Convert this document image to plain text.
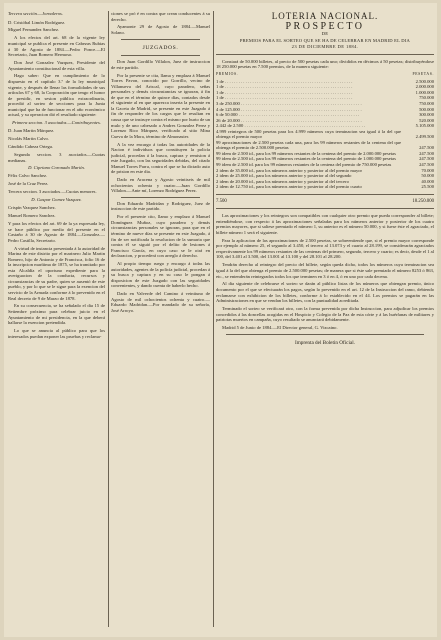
Tercera sección.—Jornaleros.

D. Cristóbal Limón Rodríguez.

Miguel Fernandez Sanchez.

A los efectos del art. 68 de la vigente ley municipal se publica el presente en Cabezas Rubias á 30 de Agosto de 1884.—Pedro Ponce.—El Secretario, Juan Romero Hermoso.

Don José Gonzalez Vazquez, Presidente del Ayuntamiento constitucional de esta villa.

Hago saber: Que en cumplimiento de lo dispuesto en el capítulo 3.º de la ley municipal vigente, y después de llenar las formalidades de sus artículos 67 y 68, la Corporación que tengo el honor de presidir, en sesion pública extraordinaria, procedió al sorteo de secciones para la Junta municipal que ha de funcionar en el año económico actual, y su operacion dió el resultado siguiente:

Primera seccion. 3 asociados.—Contribuyentes.

D. Juan Martin Márquez.

Nicolás Martin Calvo.

Cándido Cabeza Ortega.

Segunda seccion. 3 asociados.—Cuotas medianas.

D. Cipriano Coronado Martín.

Félix Calvo Sanchez.

José de la Cruz Perez.

Tercera seccion. 3 asociados.—Cuotas menores.

D. Gaspar Gomez Vazquez.

Crispín Vazquez Sanchez.

Manuel Romero Sanchez.

Y para los efectos del art. 69 de la ya expresada ley, se hace público por medio del presente en el Castaño á 30 de Agosto de 1884.—Gonzalez.—Pedro Castilla, Secretario.

A virtud de instancia presentada á la autoridad de Marina de este distrito por el marinero Julio Martin Romero, hijo de Antonio y de Francisca, folio 16 de la inscripcion marítima de 1875, se ha tramitado por esta Alcaldía el oportuno expediente para la averiguacion de la conducta, recursos y circunstancias de su padre, quien se ausentó de este pueblo, y por lo que se le sigue para la exencion del servicio de la Armada conforme á lo prevenido en el Real decreto de 9 de Marzo de 1878.

En su consecuencia, se ha señalado el dia 15 de Setiembre próximo para celebrar juicio en el Ayuntamiento de mi presidencia, en la que deberá hallarse la exencion pretendida.

Lo que se anuncia al público para que los interesados puedan exponer las pruebas y reclama-

ciones se pró é en contra que crean conducentes á su derecho.

Ayamonte 29 de Agosto de 1884.—Manuel Solano.

JUZGADOS.

Don Juan Gordillo Villalon, Juez de instruccion de este partido.

Por la presente se cita, llama y emplaza á Manuel Torres Pavon, conocido por Gorrillo, vecino de Villanueva del Ariscal, cuyo paradero, señas personales y demás circunstancias se ignoran, á fin de que en el término de quince días, contados desde el siguiente al en que aparezca inserta la presente en la Gaceta de Madrid, se presente en este Juzgado á fin de responder de los cargos que le resultan en causa que se instruye contra el mismo por hurto de un mulo y de uno cabesado a Andres Gonzalez Perez y Lorenzo Rico Márquez, verificado al sitio Mina Cueva de la Mora, término de Almonaster.

A la vez encargo á todas las autoridades de la Nacion é individuos que constituyen la policía judicial, procedan á la busca, captura y remision á este Juzgado, con las seguridades debidas, del citado Manuel Torres Parra, contra el que se ha dictado auto de prision en este dia.

Dado en Aracena y Agosto veintiseis de mil ochocientos ochenta y cuatro.—Juan Gordillo Villalon.—Ante mí, Lorenzo Rodríguez Perez.

Don Eduardo Madridan y Rodriguez, Juez de instruccion de este partido.

Por el presente cito, llamo y emplazo á Manuel Domínguez Muñoz, cuyo paradero y demás circunstancias personales se ignoran, para que en el término de nueve días se presente en este Juzgado, á fin de ser notificada la resolucion de la sumaria que contra él se siguió por el delito de lesiones á Francisco García, en cuyo caso se le oirá en declaracion, y procederá con arreglo á derecho.

Al propio tiempo ruego y encargo á todas las autoridades, agentes de la policía judicial, procedan á su busca y captura y en su caso le pongan á disposicion de este Juzgado con las seguridades convenientes, y dando cuenta de haberlo hecho.

Dado en Valverde del Camino á veintiuno de Agosto de mil ochocientos ochenta y cuatro.—Eduardo Madridan.—Por mandado de su señoría, José Arroyo.

LOTERIA NACIONAL.
PROSPECTO
DE
PREMIOS PARA EL SORTEO QUE SE HA DE CELEBRAR EN MADRID EL DIA
23 DE DICIEMBRE DE 1884.

Constará de 50.000 billetes, al precio de 500 pesetas cada uno; divididos en décimos á 50 pesetas; distribuyéndose 18 250.000 pesetas en 7.500 premios, de la manera siguiente:

PREMIOS.	PESETAS.
1 de . . . . . .	2.500.000
1 de . . . . . .	2.000.000
1 de . . . . . .	1.000.000
1 de . . . . . .	750.000
3 de 250.000 . . .	750.000
4 de 125.000 . . .	500.000
6 de 50.000 . . .	300.000
26 de 20.000 . . .	520.000
2.442 de 2.500 . . .	5.105.000
4.999 reintegros de 500 pesetas para los 4.999 números cuya terminacion sea igual á la del que obtenga el premio mayor	2.499.500
99 aproximaciones de 2.500 pesetas cada una, para los 99 números restantes de la centena del que obtenga el premio de 2.500.000 pesetas	247.500
99 idem de 2.500 id., para los 99 números restantes de la centena del premio de 2.000.000 pesetas	247.500
99 idem de 2.500 id., para los 99 números restantes de la centena del premio de 1.000.000 pesetas	247.500
99 idem de 2.500 id. para los 99 números restantes de la centena del premio de 750.000 pesetas	247.500
2 idem de 35.000 id., para los números anterior y posterior al del premio mayor	70.000
2 idem de 25.000 id., para los números anterior y posterior al del segundo	50.000
2 idem de 20.000 id., para los números anterior y posterior al del tercero	40.000
2 idem de 12.750 id., para los números anterior y posterior al del premio cuarto	25.500
7.500	18.250.000

Las aproximaciones y los reintegros son compatibles con cualquier otro premio que pueda corresponder al billete; entendiéndose, con respecto á las aproximaciones señaladas para los números anterior y posterior de los cuatro premios mayores, que si saliese premiado el número 1, su anterior es el número 50.000, y si fuese éste el agraciado, el billete número 1 será el siguiente.

Para la aplicacion de las aproximaciones de 2.500 pesetas, se sobreentiende que, si el premio mayor corresponde por ejemplo al número 25, el segundo al 3.450, el tercero al 13.073 y el cuarto al 28.199, se considerarán agraciados respectivamente los 99 números restantes de las centenas del primero, segundo, tercero y cuarto; es decir, desde el 1 al 100, del 3.401 al 3.500, del 13.001 al 13.100 y del 28.101 al 28.200.

Tendrán derecho al reintegro del precio del billete, según queda dicho, todos los números cuya terminacion sea igual á la del que obtenga el premio de 2.500.000 pesetas; de manera que si éste sale premiado el número 8253 ó 863, etc., se entenderán reintegrados todos los que terminen en 3 ó en 4, ó en uno por cada decena.

Al dia siguiente de celebrarse el sorteo se darán al público listas de los números que obtengan premio, único documento por el que se efectuarán los pagos, según lo prevenido en el art. 12 de la Instruccion del ramo, debiendo reclamarse con exhibicion de los billetes, conforme á lo establecido en el 44. Los premios se pagarán en las Administraciones en que se vendan los billetes, con la puntualidad acreditada.

Terminado el sorteo se verificará otro, con la forma prevenida por dicha Instruccion, para adjudicar los premios concedidos á las doncellas acogidas en el Hospicio y Colegio de la Paz de esta córte y á las huérfanas de militares y patriotas muertos en campaña, cuyo resultado se anunciará debidamente.

Madrid 5 de Junio de 1884.—El Director general, G. Vizcaino.

Imprenta del Boletin Oficial.
